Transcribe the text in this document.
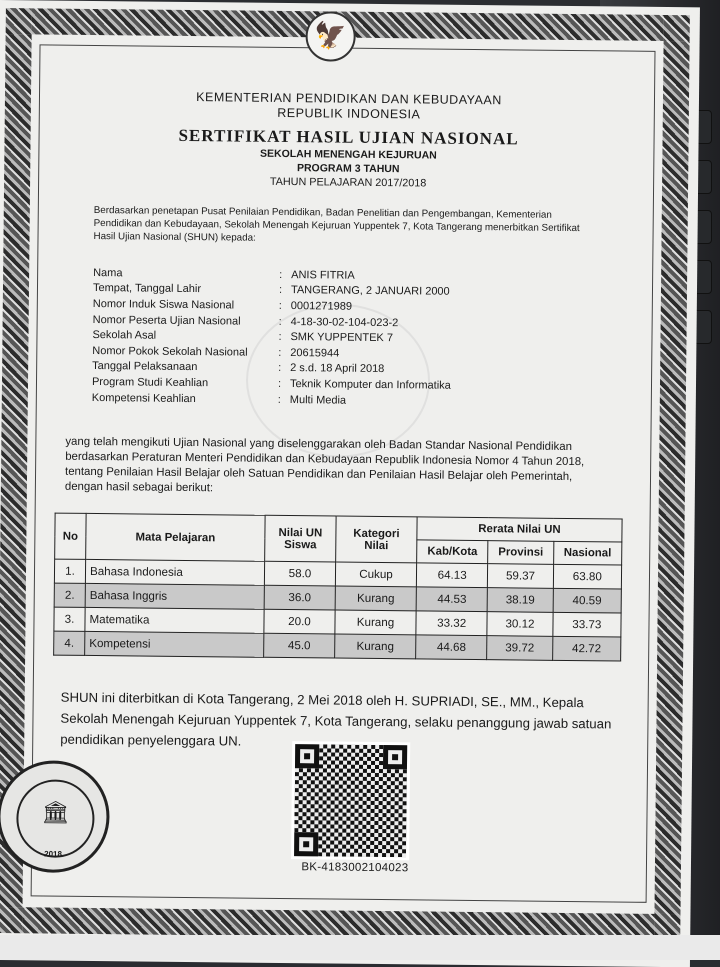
🦅
KEMENTERIAN PENDIDIKAN DAN KEBUDAYAAN
REPUBLIK INDONESIA
SERTIFIKAT HASIL UJIAN NASIONAL
SEKOLAH MENENGAH KEJURUAN
PROGRAM 3 TAHUN
TAHUN PELAJARAN 2017/2018
Berdasarkan penetapan Pusat Penilaian Pendidikan, Badan Penelitian dan Pengembangan, Kementerian Pendidikan dan Kebudayaan, Sekolah Menengah Kejuruan Yuppentek 7, Kota Tangerang menerbitkan Sertifikat Hasil Ujian Nasional (SHUN) kepada:
Nama	: ANIS FITRIA
Tempat, Tanggal Lahir	: TANGERANG, 2 JANUARI 2000
Nomor Induk Siswa Nasional	: 0001271989
Nomor Peserta Ujian Nasional	: 4-18-30-02-104-023-2
Sekolah Asal	: SMK YUPPENTEK 7
Nomor Pokok Sekolah Nasional	: 20615944
Tanggal Pelaksanaan	: 2 s.d. 18 April 2018
Program Studi Keahlian	: Teknik Komputer dan Informatika
Kompetensi Keahlian	: Multi Media
yang telah mengikuti Ujian Nasional yang diselenggarakan oleh Badan Standar Nasional Pendidikan berdasarkan Peraturan Menteri Pendidikan dan Kebudayaan Republik Indonesia Nomor 4 Tahun 2018, tentang Penilaian Hasil Belajar oleh Satuan Pendidikan dan Penilaian Hasil Belajar oleh Pemerintah, dengan hasil sebagai berikut:
No	Mata Pelajaran	Nilai UN Siswa	Kategori Nilai	Rerata Nilai UN		
				Kab/Kota	Provinsi	Nasional
1.	Bahasa Indonesia	58.0	Cukup	64.13	59.37	63.80
2.	Bahasa Inggris	36.0	Kurang	44.53	38.19	40.59
3.	Matematika	20.0	Kurang	33.32	30.12	33.73
4.	Kompetensi	45.0	Kurang	44.68	39.72	42.72
SHUN ini diterbitkan di Kota Tangerang, 2 Mei 2018 oleh H. SUPRIADI, SE., MM., Kepala Sekolah Menengah Kejuruan Yuppentek 7, Kota Tangerang, selaku penanggung jawab satuan pendidikan penyelenggara UN.
BK-4183002104023
🏛
2018
